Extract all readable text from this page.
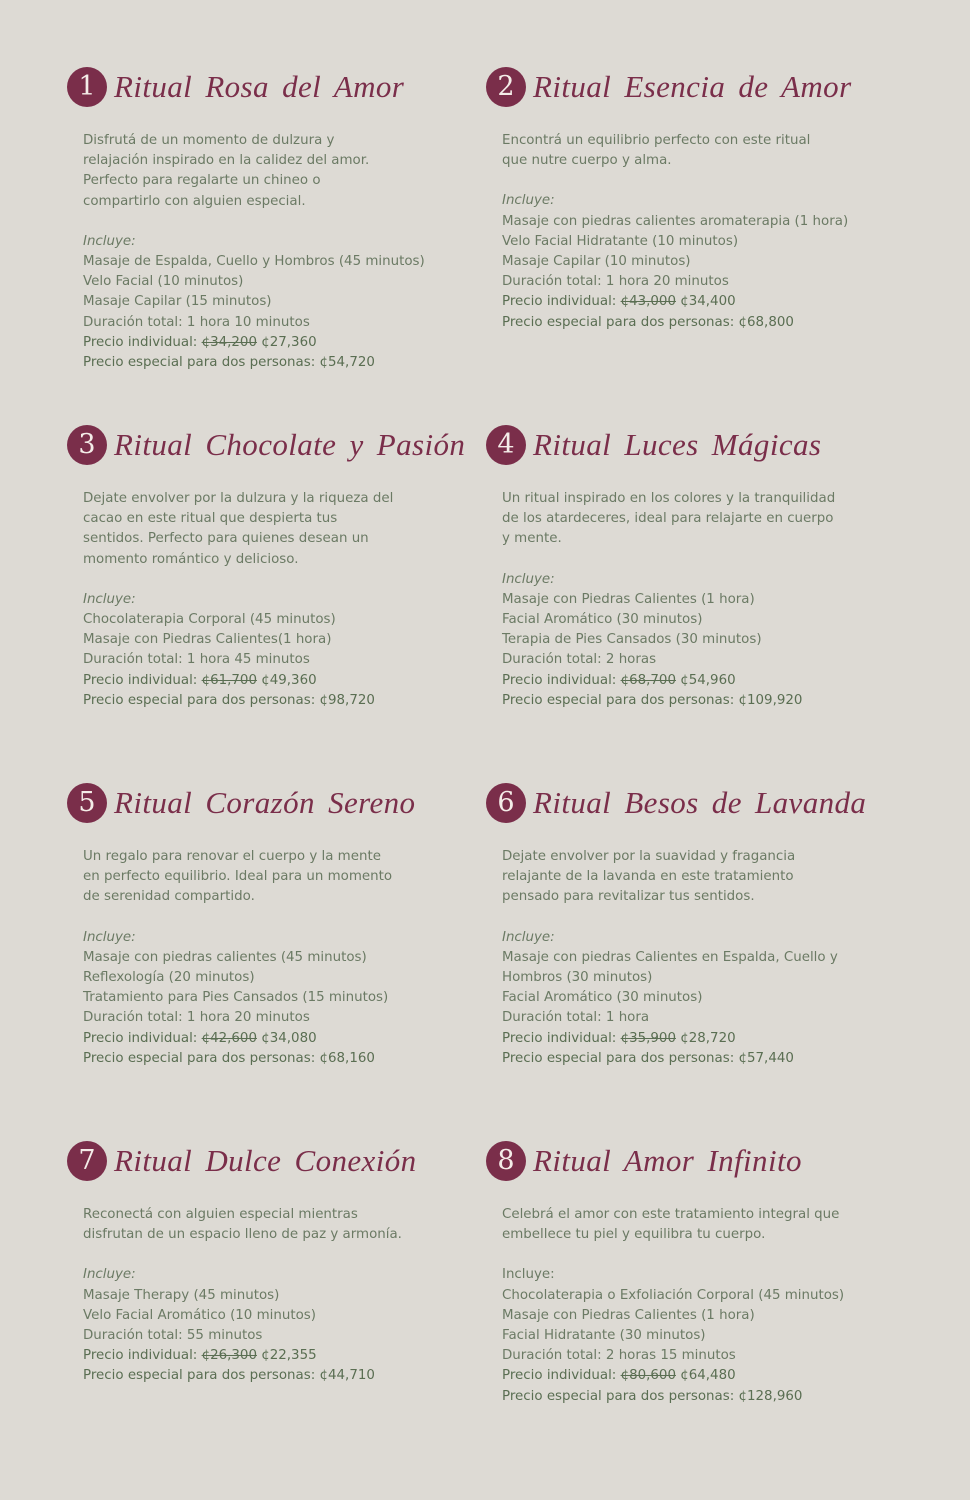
1 Ritual Rosa del Amor

Disfrutá de un momento de dulzura y relajación inspirado en la calidez del amor. Perfecto para regalarte un chineo o compartirlo con alguien especial.

Incluye:
Masaje de Espalda, Cuello y Hombros (45 minutos)
Velo Facial (10 minutos)
Masaje Capilar (15 minutos)
Duración total: 1 hora 10 minutos
Precio individual: ¢34,200 ¢27,360
Precio especial para dos personas: ¢54,720
2 Ritual Esencia de Amor

Encontrá un equilibrio perfecto con este ritual que nutre cuerpo y alma.

Incluye:
Masaje con piedras calientes aromaterapia (1 hora)
Velo Facial Hidratante (10 minutos)
Masaje Capilar (10 minutos)
Duración total: 1 hora 20 minutos
Precio individual: ¢43,000 ¢34,400
Precio especial para dos personas: ¢68,800
3 Ritual Chocolate y Pasión

Dejate envolver por la dulzura y la riqueza del cacao en este ritual que despierta tus sentidos. Perfecto para quienes desean un momento romántico y delicioso.

Incluye:
Chocolaterapia Corporal (45 minutos)
Masaje con Piedras Calientes(1 hora)
Duración total: 1 hora 45 minutos
Precio individual: ¢61,700 ¢49,360
Precio especial para dos personas: ¢98,720
4 Ritual Luces Mágicas

Un ritual inspirado en los colores y la tranquilidad de los atardeceres, ideal para relajarte en cuerpo y mente.

Incluye:
Masaje con Piedras Calientes (1 hora)
Facial Aromático (30 minutos)
Terapia de Pies Cansados (30 minutos)
Duración total: 2 horas
Precio individual: ¢68,700 ¢54,960
Precio especial para dos personas: ¢109,920
5 Ritual Corazón Sereno

Un regalo para renovar el cuerpo y la mente en perfecto equilibrio. Ideal para un momento de serenidad compartido.

Incluye:
Masaje con piedras calientes (45 minutos)
Reflexología (20 minutos)
Tratamiento para Pies Cansados (15 minutos)
Duración total: 1 hora 20 minutos
Precio individual: ¢42,600 ¢34,080
Precio especial para dos personas: ¢68,160
6 Ritual Besos de Lavanda

Dejate envolver por la suavidad y fragancia relajante de la lavanda en este tratamiento pensado para revitalizar tus sentidos.

Incluye:
Masaje con piedras Calientes en Espalda, Cuello y Hombros (30 minutos)
Facial Aromático (30 minutos)
Duración total: 1 hora
Precio individual: ¢35,900 ¢28,720
Precio especial para dos personas: ¢57,440
7 Ritual Dulce Conexión

Reconectá con alguien especial mientras disfrutan de un espacio lleno de paz y armonía.

Incluye:
Masaje Therapy (45 minutos)
Velo Facial Aromático (10 minutos)
Duración total: 55 minutos
Precio individual: ¢26,300 ¢22,355
Precio especial para dos personas: ¢44,710
8 Ritual Amor Infinito

Celebrá el amor con este tratamiento integral que embellece tu piel y equilibra tu cuerpo.

Incluye:
Chocolaterapia o Exfoliación Corporal (45 minutos)
Masaje con Piedras Calientes (1 hora)
Facial Hidratante (30 minutos)
Duración total: 2 horas 15 minutos
Precio individual: ¢80,600 ¢64,480
Precio especial para dos personas: ¢128,960
